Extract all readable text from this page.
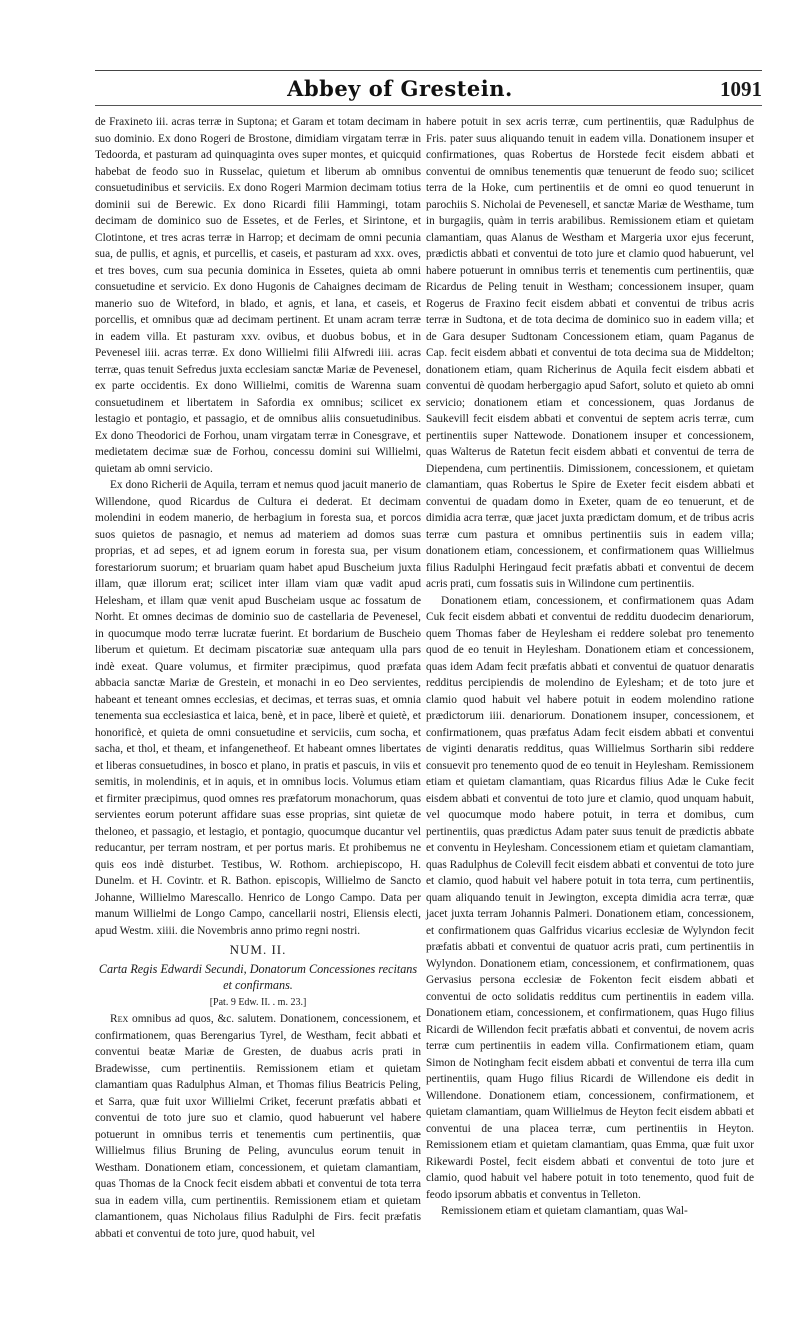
Abbey of Grestein.	1091

de Fraxineto iii. acras terræ in Suptona; et Garam et totam decimam in suo dominio. Ex dono Rogeri de Brostone, dimidiam virgatam terræ in Tedoorda, et pasturam ad quinquaginta oves super montes, et quicquid habebat de feodo suo in Russelac, quietum et liberum ab omnibus consuetudinibus et serviciis. Ex dono Rogeri Marmion decimam totius dominii sui de Berewic. Ex dono Ricardi filii Hammingi, totam decimam de dominico suo de Essetes, et de Ferles, et Sirintone, et Clotintone, et tres acras terræ in Harrop; et decimam de omni pecunia sua, de pullis, et agnis, et purcellis, et caseis, et pasturam ad xxx. oves, et tres boves, cum sua pecunia dominica in Essetes, quieta ab omni consuetudine et servicio. Ex dono Hugonis de Cahaignes decimam de manerio suo de Witeford, in blado, et agnis, et lana, et caseis, et porcellis, et omnibus quæ ad decimam pertinent. Et unam acram terræ in eadem villa. Et pasturam xxv. ovibus, et duobus bobus, et in Pevenesel iiii. acras terræ. Ex dono Willielmi filii Alfwredi iiii. acras terræ, quas tenuit Sefredus juxta ecclesiam sanctæ Mariæ de Pevenesel, ex parte occidentis. Ex dono Willielmi, comitis de Warenna suam consuetudinem et libertatem in Safordia ex omnibus; scilicet ex lestagio et pontagio, et passagio, et de omnibus aliis consuetudinibus. Ex dono Theodorici de Forhou, unam virgatam terræ in Conesgrave, et medietatem decimæ suæ de Forhou, concessu domini sui Willielmi, quietam ab omni servicio.

Ex dono Richerii de Aquila, terram et nemus quod jacuit manerio de Willendone, quod Ricardus de Cultura ei dederat. Et decimam molendini in eodem manerio, de herbagium in foresta sua, et porcos suos quietos de pasnagio, et nemus ad materiem ad domos suas proprias, et ad sepes, et ad ignem eorum in foresta sua, per visum forestariorum suorum; et bruariam quam habet apud Buscheium juxta illam, quæ illorum erat; scilicet inter illam viam quæ vadit apud Helesham, et illam quæ venit apud Buscheiam usque ac fossatum de Norht. Et omnes decimas de dominio suo de castellaria de Pevenesel, in quocumque modo terræ lucratæ fuerint. Et bordarium de Buscheio liberum et quietum. Et decimam piscatoriæ suæ antequam ulla pars indè exeat. Quare volumus, et firmiter præcipimus, quod præfata abbacia sanctæ Mariæ de Grestein, et monachi in eo Deo servientes, habeant et teneant omnes ecclesias, et decimas, et terras suas, et omnia tenementa sua ecclesiastica et laica, benè, et in pace, liberè et quietè, et honorificè, et quieta de omni consuetudine et serviciis, cum socha, et sacha, et thol, et theam, et infangenetheof. Et habeant omnes libertates et liberas consuetudines, in bosco et plano, in pratis et pascuis, in viis et semitis, in molendinis, et in aquis, et in omnibus locis. Volumus etiam et firmiter præcipimus, quod omnes res præfatorum monachorum, quas servientes eorum poterunt affidare suas esse proprias, sint quietæ de theloneo, et passagio, et lestagio, et pontagio, quocumque ducantur vel reducantur, per terram nostram, et per portus maris. Et prohibemus ne quis eos indè disturbet. Testibus, W. Rothom. archiepiscopo, H. Dunelm. et H. Covintr. et R. Bathon. episcopis, Willielmo de Sancto Johanne, Willielmo Marescallo. Henrico de Longo Campo. Data per manum Willielmi de Longo Campo, cancellarii nostri, Eliensis electi, apud Westm. xiiii. die Novembris anno primo regni nostri.

NUM. II.
Carta Regis Edwardi Secundi, Donatorum Concessiones recitans et confirmans.
[Pat. 9 Edw. II. . m. 23.]

Rex omnibus ad quos, &c. salutem. Donationem, concessionem, et confirmationem, quas Berengarius Tyrel, de Westham, fecit abbati et conventui beatæ Mariæ de Gresten, de duabus acris prati in Bradewisse, cum pertinentiis. Remissionem etiam et quietam clamantiam quas Radulphus Alman, et Thomas filius Beatricis Peling, et Sarra, quæ fuit uxor Willielmi Criket, fecerunt præfatis abbati et conventui de toto jure suo et clamio, quod habuerunt vel habere potuerunt in omnibus terris et tenementis cum pertinentiis, quæ Willielmus filius Bruning de Peling, avunculus eorum tenuit in Westham. Donationem etiam, concessionem, et quietam clamantiam, quas Thomas de la Cnock fecit eisdem abbati et conventui de tota terra sua in eadem villa, cum pertinentiis. Remissionem etiam et quietam clamantionem, quas Nicholaus filius Radulphi de Firs. fecit præfatis abbati et conventui de toto jure, quod habuit, vel

habere potuit in sex acris terræ, cum pertinentiis, quæ Radulphus de Fris. pater suus aliquando tenuit in eadem villa. Donationem insuper et confirmationes, quas Robertus de Horstede fecit eisdem abbati et conventui de omnibus tenementis quæ tenuerunt de feodo suo; scilicet terra de la Hoke, cum pertinentiis et de omni eo quod tenuerunt in parochiis S. Nicholai de Pevenesell, et sanctæ Mariæ de Westhame, tum in burgagiis, quàm in terris arabilibus. Remissionem etiam et quietam clamantiam, quas Alanus de Westham et Margeria uxor ejus fecerunt, prædictis abbati et conventui de toto jure et clamio quod habuerunt, vel habere potuerunt in omnibus terris et tenementis cum pertinentiis, quæ Ricardus de Peling tenuit in Westham; concessionem insuper, quam Rogerus de Fraxino fecit eisdem abbati et conventui de tribus acris terræ in Sudtona, et de tota decima de dominico suo in eadem villa; et de Gara desuper Sudtonam Concessionem etiam, quam Paganus de Cap. fecit eisdem abbati et conventui de tota decima sua de Middelton; donationem etiam, quam Richerinus de Aquila fecit eisdem abbati et conventui dè quodam herbergagio apud Safort, soluto et quieto ab omni servicio; donationem etiam et concessionem, quas Jordanus de Saukevill fecit eisdem abbati et conventui de septem acris terræ, cum pertinentiis super Nattewode. Donationem insuper et concessionem, quas Walterus de Ratetun fecit eisdem abbati et conventui de terra de Diependena, cum pertinentiis. Dimissionem, concessionem, et quietam clamantiam, quas Robertus le Spire de Exeter fecit eisdem abbati et conventui de quadam domo in Exeter, quam de eo tenuerunt, et de dimidia acra terræ, quæ jacet juxta prædictam domum, et de tribus acris terræ cum pastura et omnibus pertinentiis suis in eadem villa; donationem etiam, concessionem, et confirmationem quas Willielmus filius Radulphi Heringaud fecit præfatis abbati et conventui de decem acris prati, cum fossatis suis in Wilindone cum pertinentiis.

Donationem etiam, concessionem, et confirmationem quas Adam Cuk fecit eisdem abbati et conventui de redditu duodecim denariorum, quem Thomas faber de Heylesham ei reddere solebat pro tenemento quod de eo tenuit in Heylesham. Donationem etiam et concessionem, quas idem Adam fecit præfatis abbati et conventui de quatuor denaratis redditus percipiendis de molendino de Eylesham; et de toto jure et clamio quod habuit vel habere potuit in eodem molendino ratione prædictorum iiii. denariorum. Donationem insuper, concessionem, et confirmationem, quas præfatus Adam fecit eisdem abbati et conventui de viginti denaratis redditus, quas Willielmus Sortharin sibi reddere consuevit pro tenemento quod de eo tenuit in Heylesham. Remissionem etiam et quietam clamantiam, quas Ricardus filius Adæ le Cuke fecit eisdem abbati et conventui de toto jure et clamio, quod unquam habuit, vel quocumque modo habere potuit, in terra et domibus, cum pertinentiis, quas prædictus Adam pater suus tenuit de prædictis abbate et conventu in Heylesham. Concessionem etiam et quietam clamantiam, quas Radulphus de Colevill fecit eisdem abbati et conventui de toto jure et clamio, quod habuit vel habere potuit in tota terra, cum pertinentiis, quam aliquando tenuit in Jewington, excepta dimidia acra terræ, quæ jacet juxta terram Johannis Palmeri. Donationem etiam, concessionem, et confirmationem quas Galfridus vicarius ecclesiæ de Wylyndon fecit præfatis abbati et conventui de quatuor acris prati, cum pertinentiis in Wylyndon. Donationem etiam, concessionem, et confirmationem, quas Gervasius persona ecclesiæ de Fokenton fecit eisdem abbati et conventui de octo solidatis redditus cum pertinentiis in eadem villa. Donationem etiam, concessionem, et confirmationem, quas Hugo filius Ricardi de Willendon fecit præfatis abbati et conventui, de novem acris terræ cum pertinentiis in eadem villa. Confirmationem etiam, quam Simon de Notingham fecit eisdem abbati et conventui de terra illa cum pertinentiis, quam Hugo filius Ricardi de Willendone eis dedit in Willendone. Donationem etiam, concessionem, confirmationem, et quietam clamantiam, quam Willielmus de Heyton fecit eisdem abbati et conventui de una placea terræ, cum pertinentiis in Heyton. Remissionem etiam et quietam clamantiam, quas Emma, quæ fuit uxor Rikewardi Postel, fecit eisdem abbati et conventui de toto jure et clamio, quod habuit vel habere potuit in toto tenemento, quod fuit de feodo ipsorum abbatis et conventus in Telleton.

Remissionem etiam et quietam clamantiam, quas Wal-
